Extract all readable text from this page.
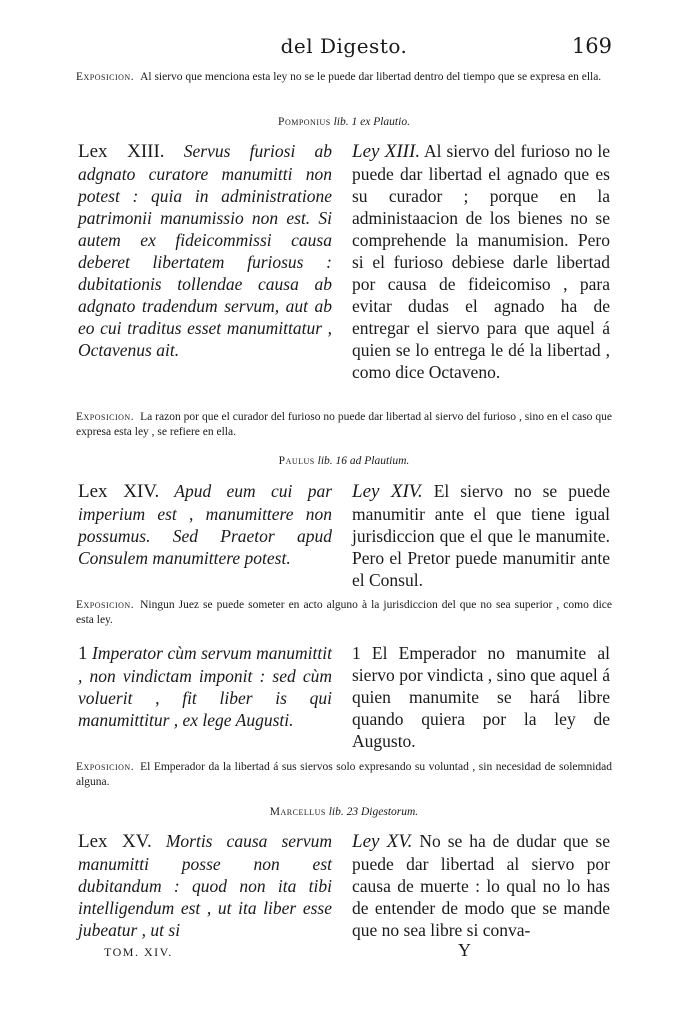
del Digesto.	169
Exposicion. Al siervo que menciona esta ley no se le puede dar libertad dentro del tiempo que se expresa en ella.
Pomponius lib. 1 ex Plautio.
Lex XIII. Servus furiosi ab adgnato curatore manumitti non potest : quia in administratione patrimonii manumissio non est. Si autem ex fideicommissi causa deberet libertatem furiosus : dubitationis tollendae causa ab adgnato tradendum servum, aut ab eo cui traditus esset manumittatur , Octavenus ait.
Ley XIII. Al siervo del furioso no le puede dar libertad el agnado que es su curador ; porque en la administaacion de los bienes no se comprehende la manumision. Pero si el furioso debiese darle libertad por causa de fideicomiso , para evitar dudas el agnado ha de entregar el siervo para que aquel á quien se lo entrega le dé la libertad , como dice Octaveno.
Exposicion. La razon por que el curador del furioso no puede dar libertad al siervo del furioso , sino en el caso que expresa esta ley , se refiere en ella.
Paulus lib. 16 ad Plautium.
Lex XIV. Apud eum cui par imperium est , manumittere non possumus. Sed Praetor apud Consulem manumittere potest.
Ley XIV. El siervo no se puede manumitir ante el que tiene igual jurisdiccion que el que le manumite. Pero el Pretor puede manumitir ante el Consul.
Exposicion. Ningun Juez se puede someter en acto alguno à la jurisdiccion del que no sea superior , como dice esta ley.
1 Imperator cùm servum manumittit , non vindictam imponit : sed cùm voluerit , fit liber is qui manumittitur , ex lege Augusti.
1 El Emperador no manumite al siervo por vindicta , sino que aquel á quien manumite se hará libre quando quiera por la ley de Augusto.
Exposicion. El Emperador da la libertad á sus siervos solo expresando su voluntad , sin necesidad de solemnidad alguna.
Marcellus lib. 23 Digestorum.
Lex XV. Mortis causa servum manumitti posse non est dubitandum : quod non ita tibi intelligendum est , ut ita liber esse jubeatur , ut si
Ley XV. No se ha de dudar que se puede dar libertad al siervo por causa de muerte : lo qual no lo has de entender de modo que se mande que no sea libre si conva-
TOM. XIV.	Y
